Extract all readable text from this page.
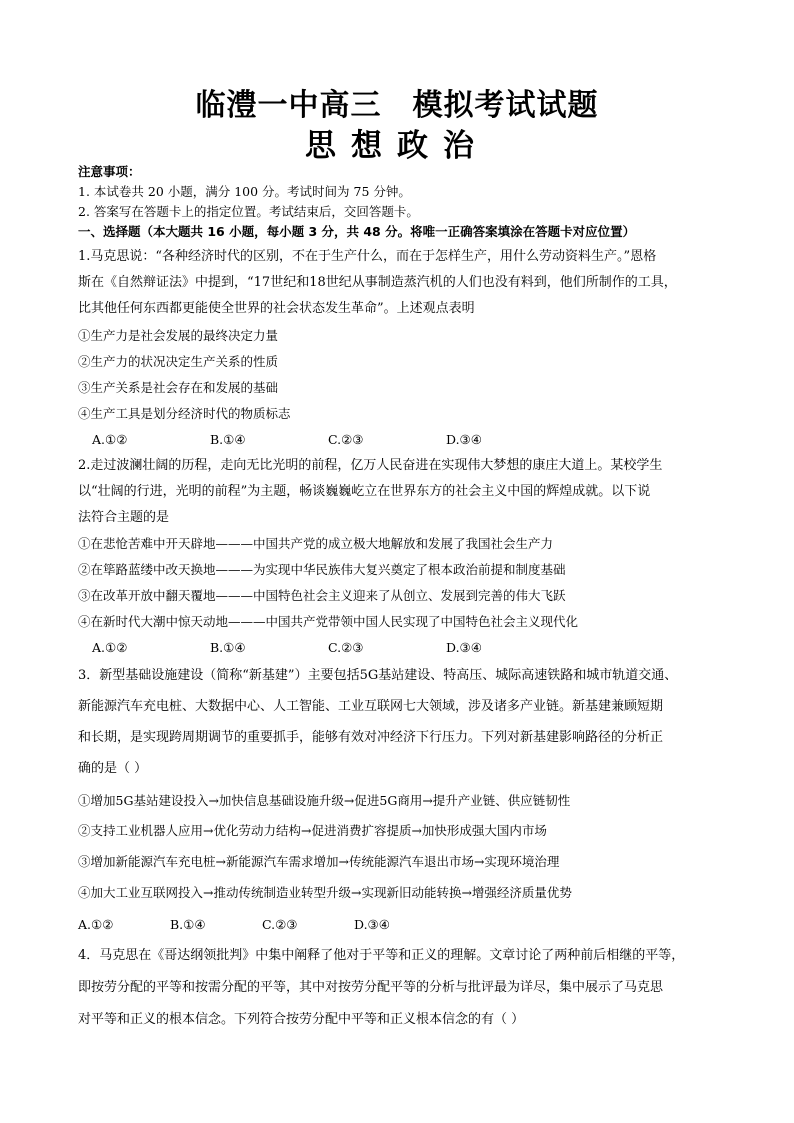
临澧一中高三　模拟考试试题
思想政治
注意事项：
1. 本试卷共 20 小题，满分 100 分。考试时间为 75 分钟。
2. 答案写在答题卡上的指定位置。考试结束后，交回答题卡。
一、选择题（本大题共 16 小题，每小题 3 分，共 48 分。将唯一正确答案填涂在答题卡对应位置）
1.马克思说：“各种经济时代的区别，不在于生产什么，而在于怎样生产，用什么劳动资料生产。”恩格
斯在《自然辩证法》中提到，“17世纪和18世纪从事制造蒸汽机的人们也没有料到，他们所制作的工具，
比其他任何东西都更能使全世界的社会状态发生革命”。上述观点表明
①生产力是社会发展的最终决定力量
②生产力的状况决定生产关系的性质
③生产关系是社会存在和发展的基础
④生产工具是划分经济时代的物质标志
A.①②	B.①④	C.②③	D.③④
2.走过波澜壮阔的历程，走向无比光明的前程，亿万人民奋进在实现伟大梦想的康庄大道上。某校学生
以“壮阔的行进，光明的前程”为主题，畅谈巍巍屹立在世界东方的社会主义中国的辉煌成就。以下说
法符合主题的是
①在悲怆苦难中开天辟地———中国共产党的成立极大地解放和发展了我国社会生产力
②在筚路蓝缕中改天换地———为实现中华民族伟大复兴奠定了根本政治前提和制度基础
③在改革开放中翻天覆地———中国特色社会主义迎来了从创立、发展到完善的伟大飞跃
④在新时代大潮中惊天动地———中国共产党带领中国人民实现了中国特色社会主义现代化
A.①②	B.①④	C.②③	D.③④
3．新型基础设施建设（简称“新基建”）主要包括5G基站建设、特高压、城际高速铁路和城市轨道交通、
新能源汽车充电桩、大数据中心、人工智能、工业互联网七大领域，涉及诸多产业链。新基建兼顾短期
和长期，是实现跨周期调节的重要抓手，能够有效对冲经济下行压力。下列对新基建影响路径的分析正
确的是（ ）
①增加5G基站建设投入→加快信息基础设施升级→促进5G商用→提升产业链、供应链韧性
②支持工业机器人应用→优化劳动力结构→促进消费扩容提质→加快形成强大国内市场
③增加新能源汽车充电桩→新能源汽车需求增加→传统能源汽车退出市场→实现环境治理
④加大工业互联网投入→推动传统制造业转型升级→实现新旧动能转换→增强经济质量优势
A.①②	B.①④	C.②③	D.③④
4．马克思在《哥达纲领批判》中集中阐释了他对于平等和正义的理解。文章讨论了两种前后相继的平等，
即按劳分配的平等和按需分配的平等，其中对按劳分配平等的分析与批评最为详尽，集中展示了马克思
对平等和正义的根本信念。下列符合按劳分配中平等和正义根本信念的有（ ）
